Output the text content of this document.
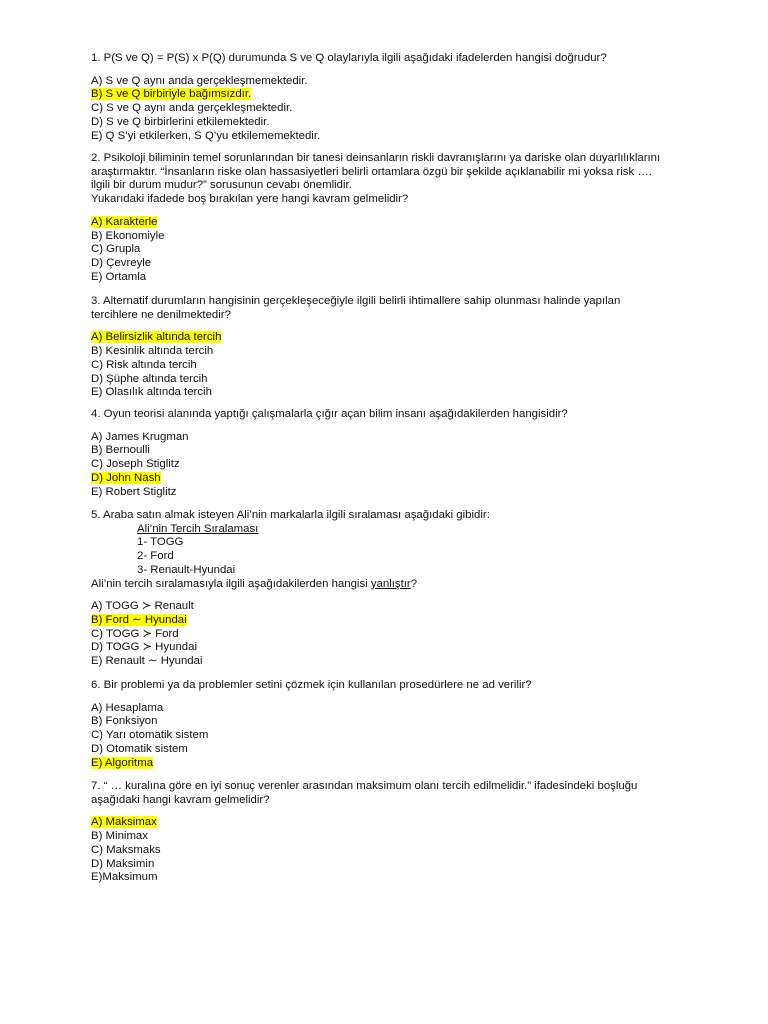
1. P(S ve Q) = P(S) x P(Q) durumunda S ve Q olaylarıyla ilgili aşağıdaki ifadelerden hangisi doğrudur?
A) S ve Q aynı anda gerçekleşmemektedir.
B) S ve Q birbiriyle bağımsızdır.
C) S ve Q aynı anda gerçekleşmektedir.
D) S ve Q birbirlerini etkilemektedir.
E) Q S’yi etkilerken, S Q’yu etkilememektedir.
2. Psikoloji biliminin temel sorunlarından bir tanesi deinsanların riskli davranışlarını ya dariske olan duyarlılıklarını
araştırmaktır. “İnsanların riske olan hassasiyetleri belirli ortamlara özgü bir şekilde açıklanabilir mi yoksa risk ….
ilgili bir durum mudur?” sorusunun cevabı önemlidir.
Yukarıdaki ifadede boş bırakılan yere hangi kavram gelmelidir?
A) Karakterle
B) Ekonomiyle
C) Grupla
D) Çevreyle
E) Ortamla
3. Alternatif durumların hangisinin gerçekleşeceğiyle ilgili belirli ihtimallere sahip olunması halinde yapılan
tercihlere ne denilmektedir?
A) Belirsizlik altında tercih
B) Kesinlik altında tercih
C) Risk altında tercih
D) Şüphe altında tercih
E) Olasılık altında tercih
4. Oyun teorisi alanında yaptığı çalışmalarla çığır açan bilim insanı aşağıdakilerden hangisidir?
A) James Krugman
B) Bernoulli
C) Joseph Stiglitz
D) John Nash
E) Robert Stiglitz
5. Araba satın almak isteyen Ali’nin markalarla ilgili sıralaması aşağıdaki gibidir:
Ali’nin Tercih Sıralaması
1- TOGG
2- Ford
3- Renault-Hyundai
Ali’nin tercih sıralamasıyla ilgili aşağıdakilerden hangisi yanlıştır?
A) TOGG ≻ Renault
B) Ford ∼ Hyundai
C) TOGG ≻ Ford
D) TOGG ≻ Hyundai
E) Renault ∼ Hyundai
6. Bir problemi ya da problemler setini çözmek için kullanılan prosedürlere ne ad verilir?
A) Hesaplama
B) Fonksiyon
C) Yarı otomatik sistem
D) Otomatik sistem
E) Algoritma
7. “ … kuralına göre en iyi sonuç verenler arasından maksimum olanı tercih edilmelidir.” ifadesindeki boşluğu
aşağıdaki hangi kavram gelmelidir?
A) Maksimax
B) Minimax
C) Maksmaks
D) Maksimin
E)Maksimum
